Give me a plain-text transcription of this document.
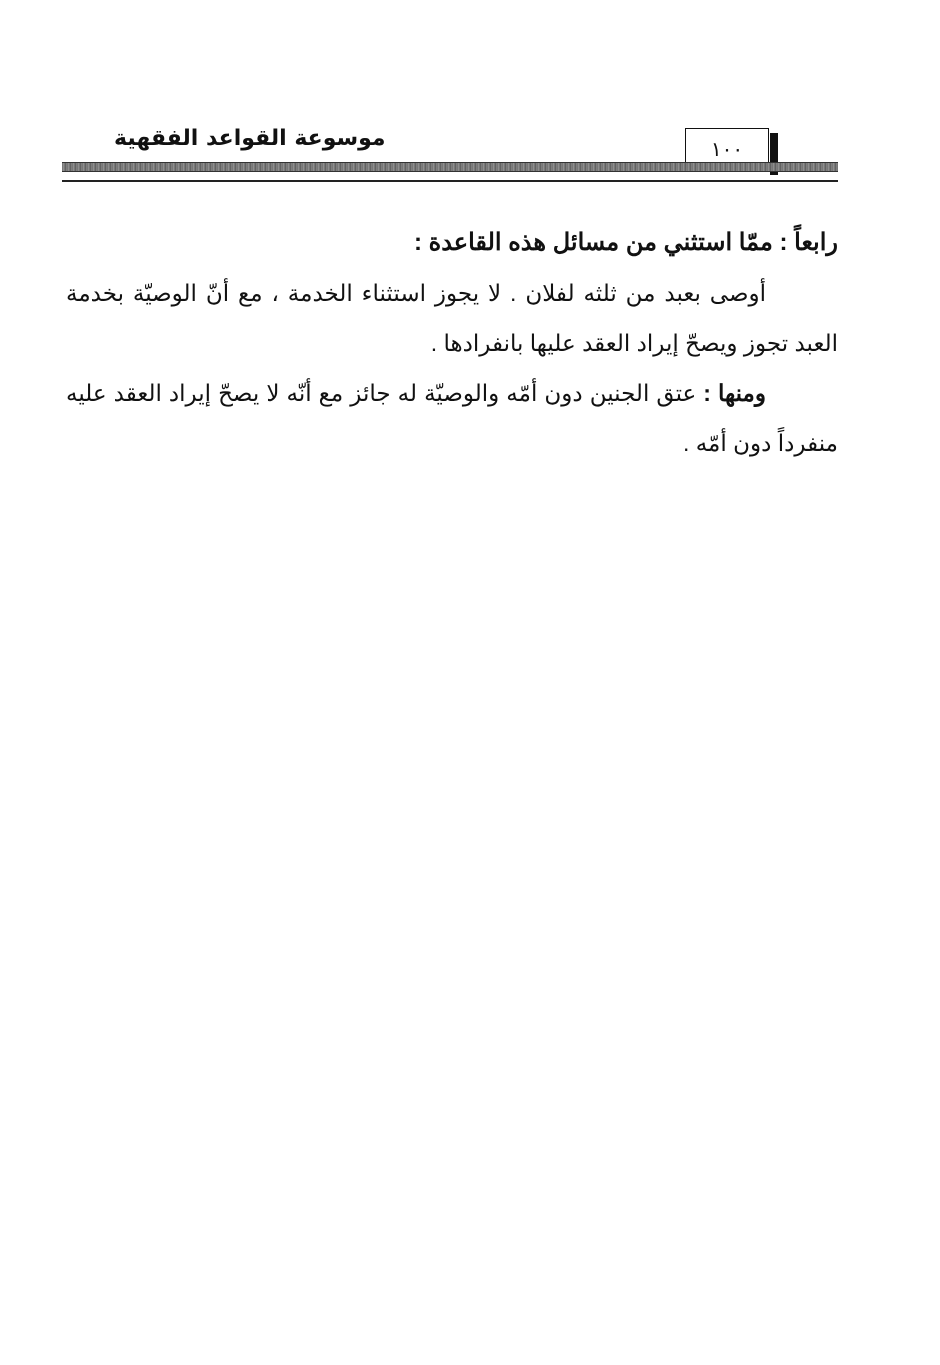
موسوعة القواعد الفقهية	١٠٠

رابعاً : ممّا استثني من مسائل هذه القاعدة :

أوصى بعبد من ثلثه لفلان . لا يجوز استثناء الخدمة ، مع أنّ الوصيّة بخدمة العبد تجوز ويصحّ إيراد العقد عليها بانفرادها .

ومنها : عتق الجنين دون أمّه والوصيّة له جائز مع أنّه لا يصحّ إيراد العقد عليه منفرداً دون أمّه .
